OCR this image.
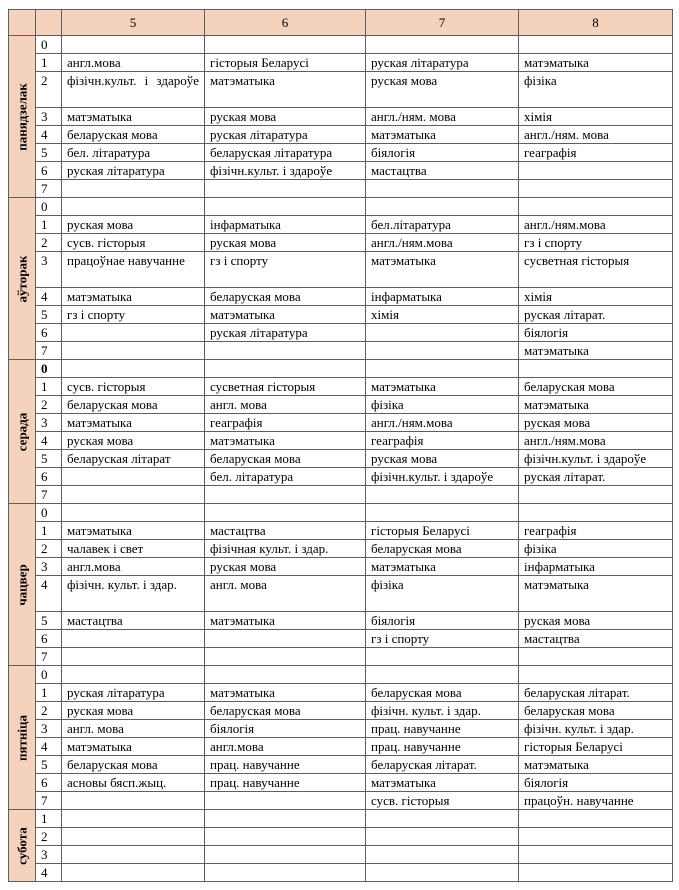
		5	6	7	8

панядзелак	0				
	1	англ.мова	гісторыя Беларусі	руская літаратура	матэматыка
	2	фізічн.культ. і здароўе	матэматыка	руская мова	фізіка
	3	матэматыка	руская мова	англ./ням. мова	хімія
	4	беларуская мова	руская літаратура	матэматыка	англ./ням. мова
	5	бел. літаратура	беларуская літаратура	біялогія	геаграфія
	6	руская літаратура	фізічн.культ. і здароўе	мастацтва	
	7				

аўторак	0				
	1	руская мова	інфарматыка	бел.літаратура	англ./ням.мова
	2	сусв. гісторыя	руская мова	англ./ням.мова	гз і спорту
	3	працоўнае навучанне	гз і спорту	матэматыка	сусветная гісторыя
	4	матэматыка	беларуская мова	інфарматыка	хімія
	5	гз і спорту	матэматыка	хімія	руская літарат.
	6		руская літаратура		біялогія
	7				матэматыка

серада	0				
	1	сусв. гісторыя	сусветная гісторыя	матэматыка	беларуская мова
	2	беларуская мова	англ. мова	фізіка	матэматыка
	3	матэматыка	геаграфія	англ./ням.мова	руская мова
	4	руская мова	матэматыка	геаграфія	англ./ням.мова
	5	беларуская літарат	беларуская мова	руская мова	фізічн.культ. і здароўе
	6		бел. літаратура	фізічн.культ. і здароўе	руская літарат.
	7				

чацвер	0				
	1	матэматыка	мастацтва	гісторыя Беларусі	геаграфія
	2	чалавек і свет	фізічная культ. і здар.	беларуская мова	фізіка
	3	англ.мова	руская мова	матэматыка	інфарматыка
	4	фізічн. культ. і здар.	англ. мова	фізіка	матэматыка
	5	мастацтва	матэматыка	біялогія	руская мова
	6			гз і спорту	мастацтва
	7				

пятніца	0				
	1	руская літаратура	матэматыка	беларуская мова	беларуская літарат.
	2	руская мова	беларуская мова	фізічн. культ. і здар.	беларуская мова
	3	англ. мова	біялогія	прац. навучанне	фізічн. культ. і здар.
	4	матэматыка	англ.мова	прац. навучанне	гісторыя Беларусі
	5	беларуская мова	прац. навучанне	беларуская літарат.	матэматыка
	6	асновы бясп.жыц.	прац. навучанне	матэматыка	біялогія
	7			сусв. гісторыя	працоўн. навучанне

субота	1				
	2				
	3				
	4				
